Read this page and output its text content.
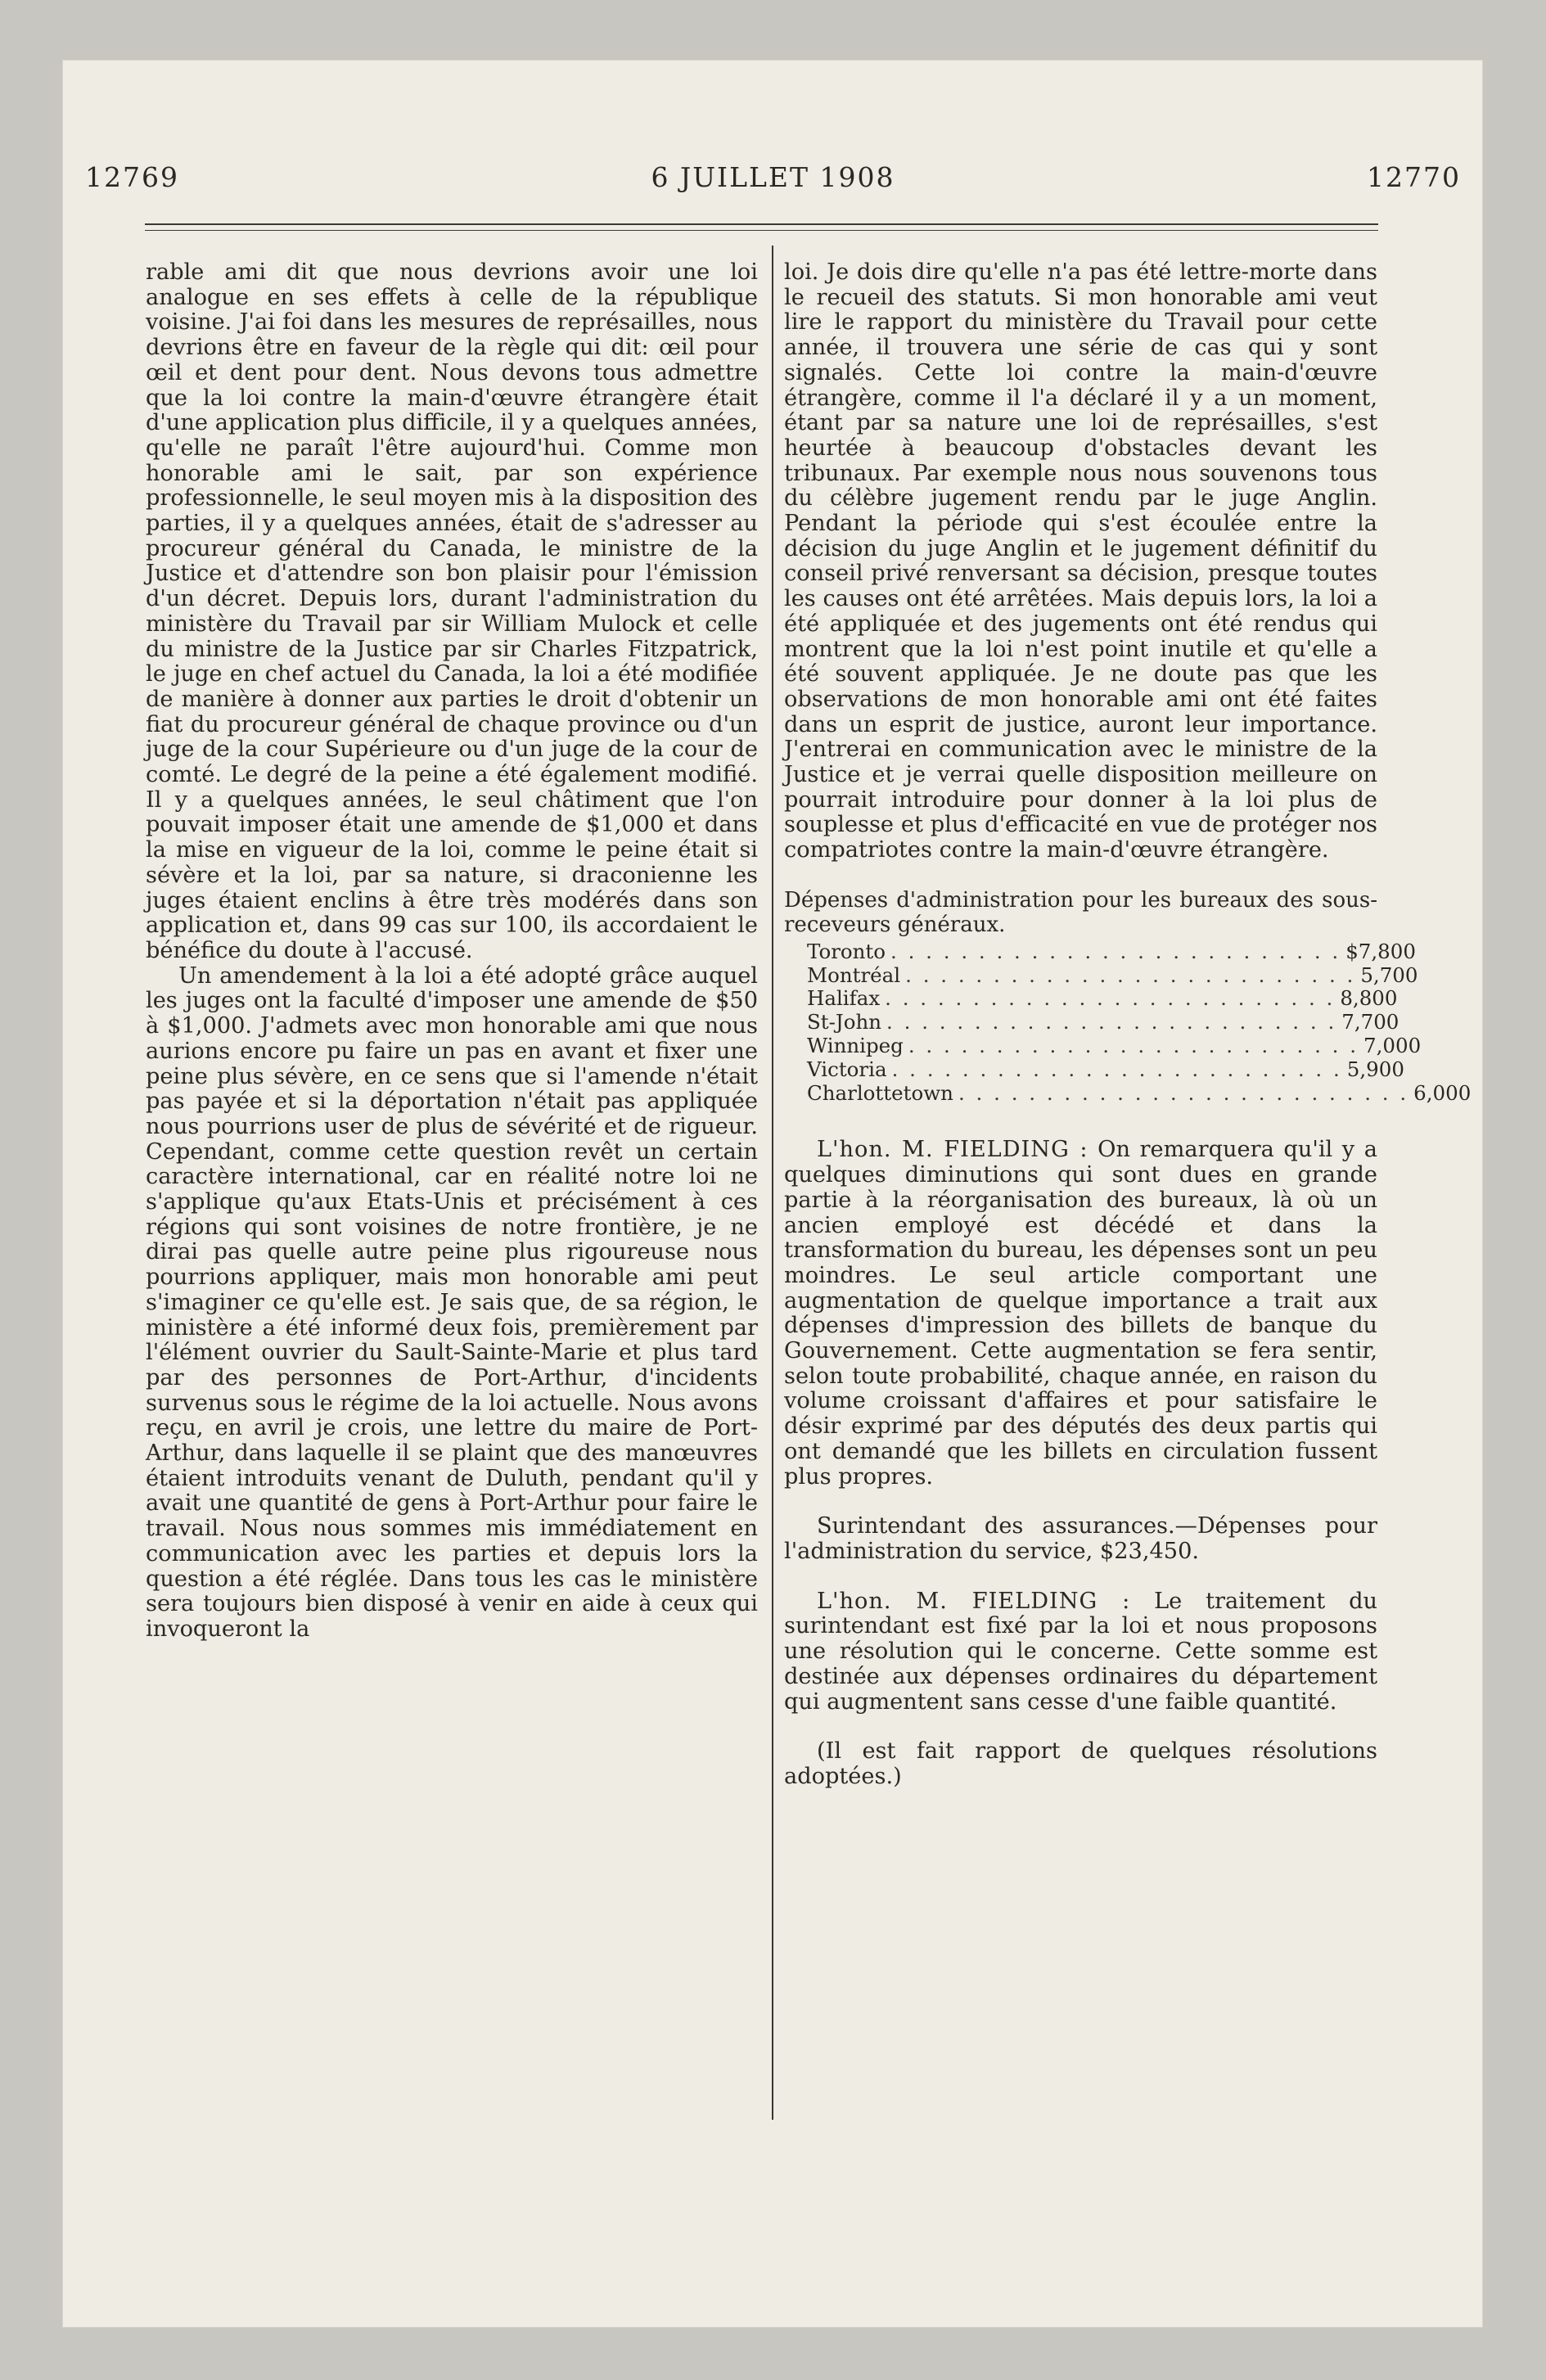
12769	6 JUILLET 1908	12770

rable ami dit que nous devrions avoir une loi analogue en ses effets à celle de la république voisine. J'ai foi dans les mesures de représailles, nous devrions être en faveur de la règle qui dit: œil pour œil et dent pour dent. Nous devons tous admettre que la loi contre la main-d'œuvre étrangère était d'une application plus difficile, il y a quelques années, qu'elle ne paraît l'être aujourd'hui. Comme mon honorable ami le sait, par son expérience professionnelle, le seul moyen mis à la disposition des parties, il y a quelques années, était de s'adresser au procureur général du Canada, le ministre de la Justice et d'attendre son bon plaisir pour l'émission d'un décret. Depuis lors, durant l'administration du ministère du Travail par sir William Mulock et celle du ministre de la Justice par sir Charles Fitzpatrick, le juge en chef actuel du Canada, la loi a été modifiée de manière à donner aux parties le droit d'obtenir un fiat du procureur général de chaque province ou d'un juge de la cour Supérieure ou d'un juge de la cour de comté. Le degré de la peine a été également modifié. Il y a quelques années, le seul châtiment que l'on pouvait imposer était une amende de $1,000 et dans la mise en vigueur de la loi, comme le peine était si sévère et la loi, par sa nature, si draconienne les juges étaient enclins à être très modérés dans son application et, dans 99 cas sur 100, ils accordaient le bénéfice du doute à l'accusé.

Un amendement à la loi a été adopté grâce auquel les juges ont la faculté d'imposer une amende de $50 à $1,000. J'admets avec mon honorable ami que nous aurions encore pu faire un pas en avant et fixer une peine plus sévère, en ce sens que si l'amende n'était pas payée et si la déportation n'était pas appliquée nous pourrions user de plus de sévérité et de rigueur. Cependant, comme cette question revêt un certain caractère international, car en réalité notre loi ne s'applique qu'aux Etats-Unis et précisément à ces régions qui sont voisines de notre frontière, je ne dirai pas quelle autre peine plus rigoureuse nous pourrions appliquer, mais mon honorable ami peut s'imaginer ce qu'elle est. Je sais que, de sa région, le ministère a été informé deux fois, premièrement par l'élément ouvrier du Sault-Sainte-Marie et plus tard par des personnes de Port-Arthur, d'incidents survenus sous le régime de la loi actuelle. Nous avons reçu, en avril je crois, une lettre du maire de Port-Arthur, dans laquelle il se plaint que des manœuvres étaient introduits venant de Duluth, pendant qu'il y avait une quantité de gens à Port-Arthur pour faire le travail. Nous nous sommes mis immédiatement en communication avec les parties et depuis lors la question a été réglée. Dans tous les cas le ministère sera toujours bien disposé à venir en aide à ceux qui invoqueront la

loi. Je dois dire qu'elle n'a pas été lettre-morte dans le recueil des statuts. Si mon honorable ami veut lire le rapport du ministère du Travail pour cette année, il trouvera une série de cas qui y sont signalés. Cette loi contre la main-d'œuvre étrangère, comme il l'a déclaré il y a un moment, étant par sa nature une loi de représailles, s'est heurtée à beaucoup d'obstacles devant les tribunaux. Par exemple nous nous souvenons tous du célèbre jugement rendu par le juge Anglin. Pendant la période qui s'est écoulée entre la décision du juge Anglin et le jugement définitif du conseil privé renversant sa décision, presque toutes les causes ont été arrêtées. Mais depuis lors, la loi a été appliquée et des jugements ont été rendus qui montrent que la loi n'est point inutile et qu'elle a été souvent appliquée. Je ne doute pas que les observations de mon honorable ami ont été faites dans un esprit de justice, auront leur importance. J'entrerai en communication avec le ministre de la Justice et je verrai quelle disposition meilleure on pourrait introduire pour donner à la loi plus de souplesse et plus d'efficacité en vue de protéger nos compatriotes contre la main-d'œuvre étrangère.

Dépenses d'administration pour les bureaux des sous-receveurs généraux.

Toronto . . . . . . . . . . . . . . . . . . . . . . . . . . $7,800
Montréal . . . . . . . . . . . . . . . . . . . . . . . . . . 5,700
Halifax . . . . . . . . . . . . . . . . . . . . . . . . . . 8,800
St-John . . . . . . . . . . . . . . . . . . . . . . . . . . 7,700
Winnipeg . . . . . . . . . . . . . . . . . . . . . . . . . . 7,000
Victoria . . . . . . . . . . . . . . . . . . . . . . . . . . 5,900
Charlottetown . . . . . . . . . . . . . . . . . . . . . . . . . . 6,000

L'hon. M. FIELDING : On remarquera qu'il y a quelques diminutions qui sont dues en grande partie à la réorganisation des bureaux, là où un ancien employé est décédé et dans la transformation du bureau, les dépenses sont un peu moindres. Le seul article comportant une augmentation de quelque importance a trait aux dépenses d'impression des billets de banque du Gouvernement. Cette augmentation se fera sentir, selon toute probabilité, chaque année, en raison du volume croissant d'affaires et pour satisfaire le désir exprimé par des députés des deux partis qui ont demandé que les billets en circulation fussent plus propres.

Surintendant des assurances.—Dépenses pour l'administration du service, $23,450.

L'hon. M. FIELDING : Le traitement du surintendant est fixé par la loi et nous proposons une résolution qui le concerne. Cette somme est destinée aux dépenses ordinaires du département qui augmentent sans cesse d'une faible quantité.

(Il est fait rapport de quelques résolutions adoptées.)
